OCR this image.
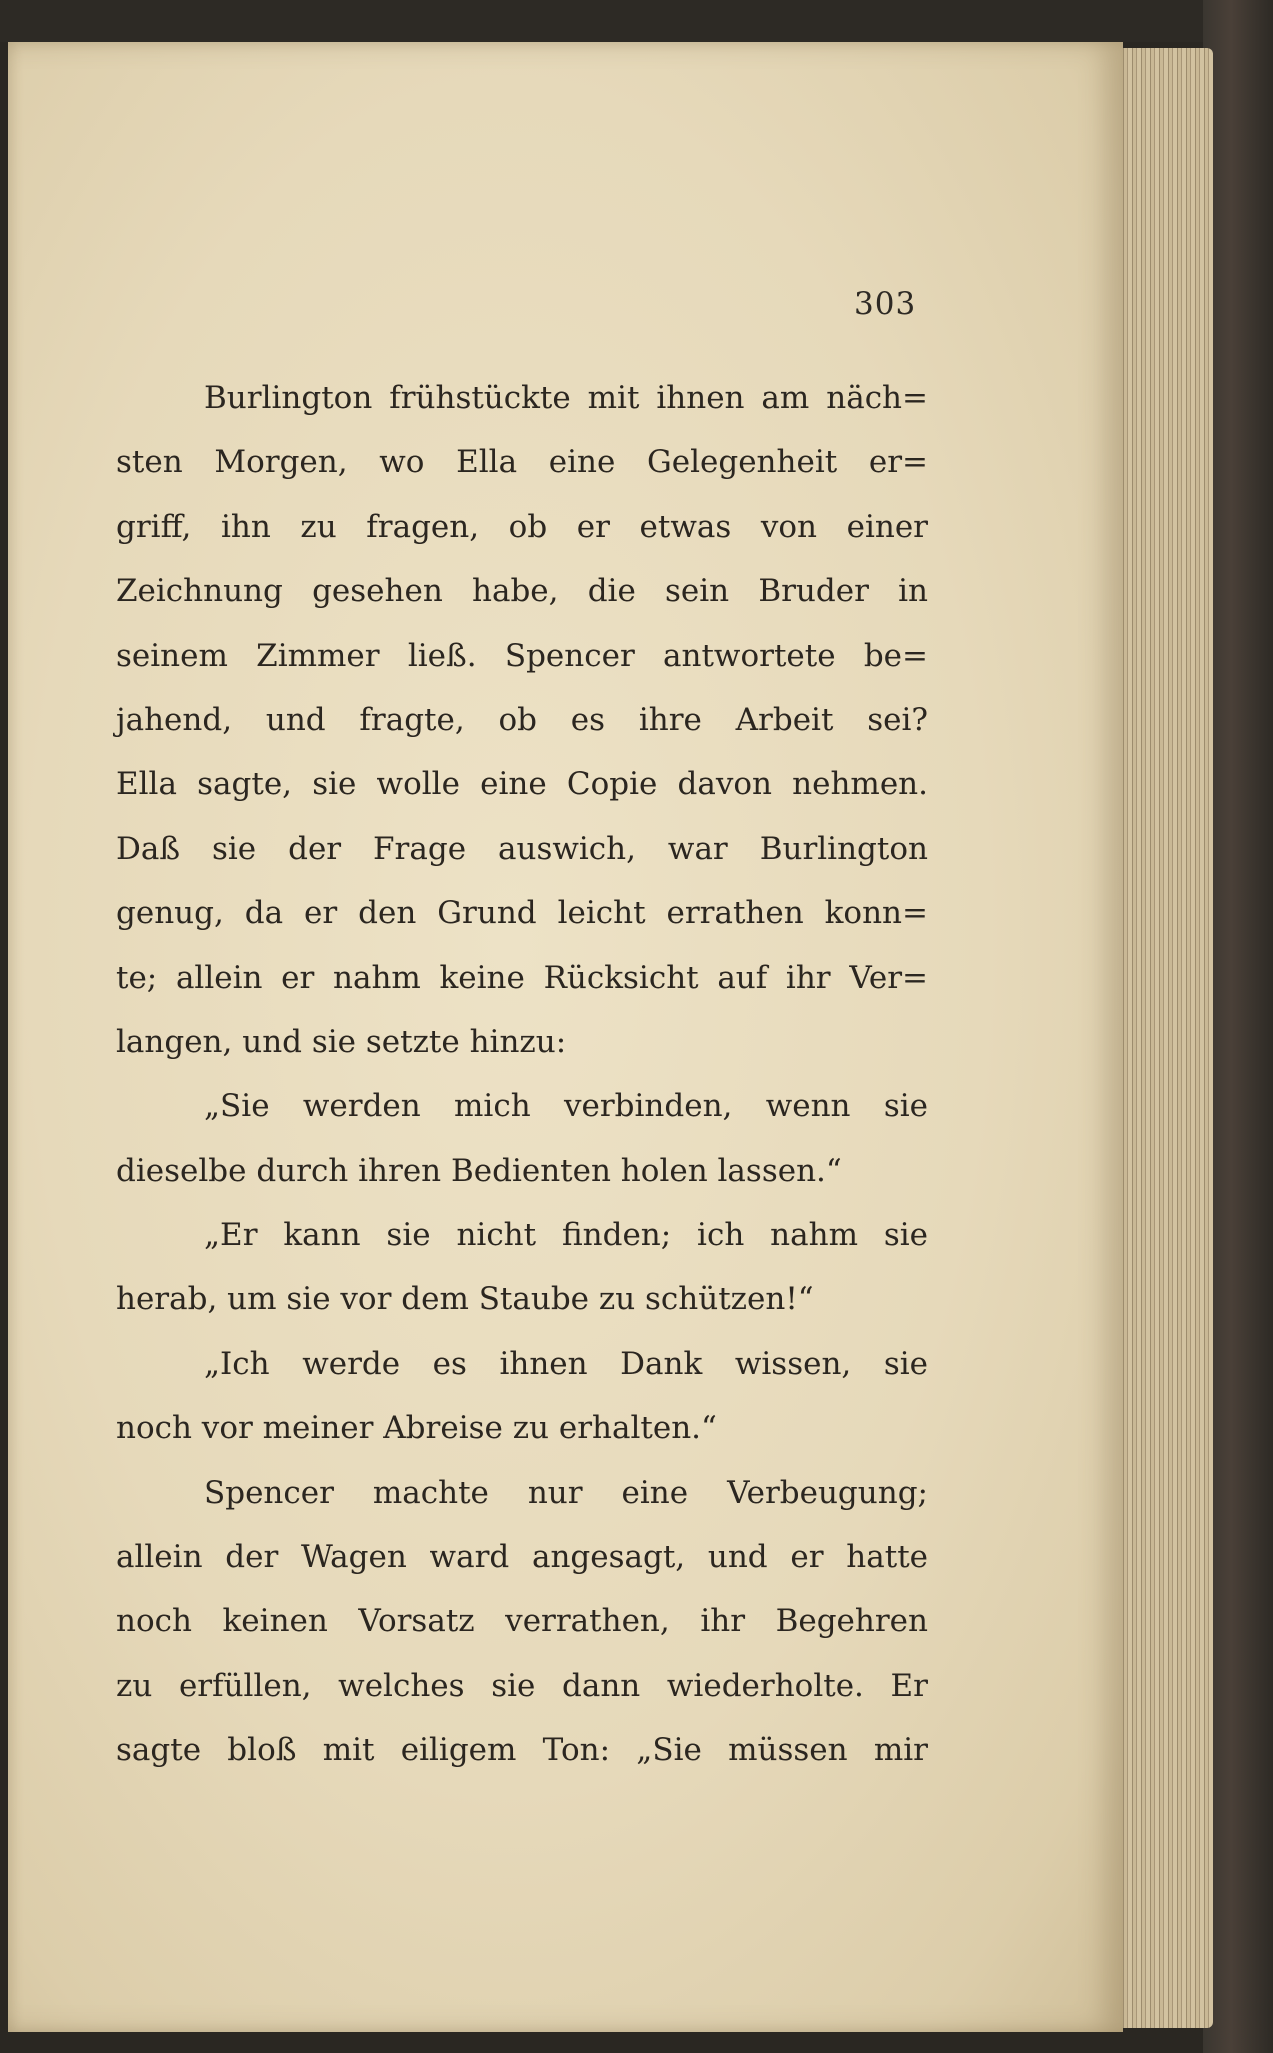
303
Burlington frühstückte mit ihnen am näch=
sten Morgen, wo Ella eine Gelegenheit er=
griff, ihn zu fragen, ob er etwas von einer
Zeichnung gesehen habe, die sein Bruder in
seinem Zimmer ließ. Spencer antwortete be=
jahend, und fragte, ob es ihre Arbeit sei?
Ella sagte, sie wolle eine Copie davon nehmen.
Daß sie der Frage auswich, war Burlington
genug, da er den Grund leicht errathen konn=
te; allein er nahm keine Rücksicht auf ihr Ver=
langen, und sie setzte hinzu:
„Sie werden mich verbinden, wenn sie
dieselbe durch ihren Bedienten holen lassen.“
„Er kann sie nicht finden; ich nahm sie
herab, um sie vor dem Staube zu schützen!“
„Ich werde es ihnen Dank wissen, sie
noch vor meiner Abreise zu erhalten.“
Spencer machte nur eine Verbeugung;
allein der Wagen ward angesagt, und er hatte
noch keinen Vorsatz verrathen, ihr Begehren
zu erfüllen, welches sie dann wiederholte. Er
sagte bloß mit eiligem Ton: „Sie müssen mir
